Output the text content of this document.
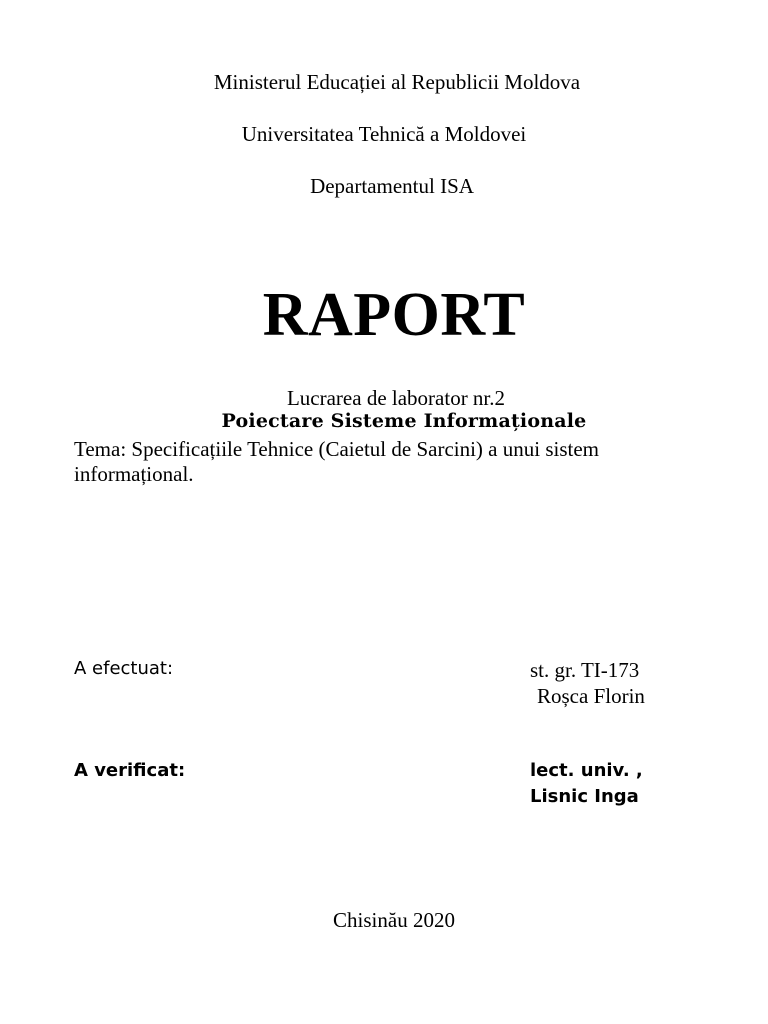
Ministerul Educației al Republicii Moldova
Universitatea Tehnică a Moldovei
Departamentul ISA
RAPORT
Lucrarea de laborator nr.2
Poiectare Sisteme Informaționale
Tema: Specificațiile Tehnice (Caietul de Sarcini) a unui sistem informațional.
A efectuat:	st. gr. TI-173
Roșca Florin
A verificat:	lect. univ. ,
Lisnic Inga
Chisinău 2020
